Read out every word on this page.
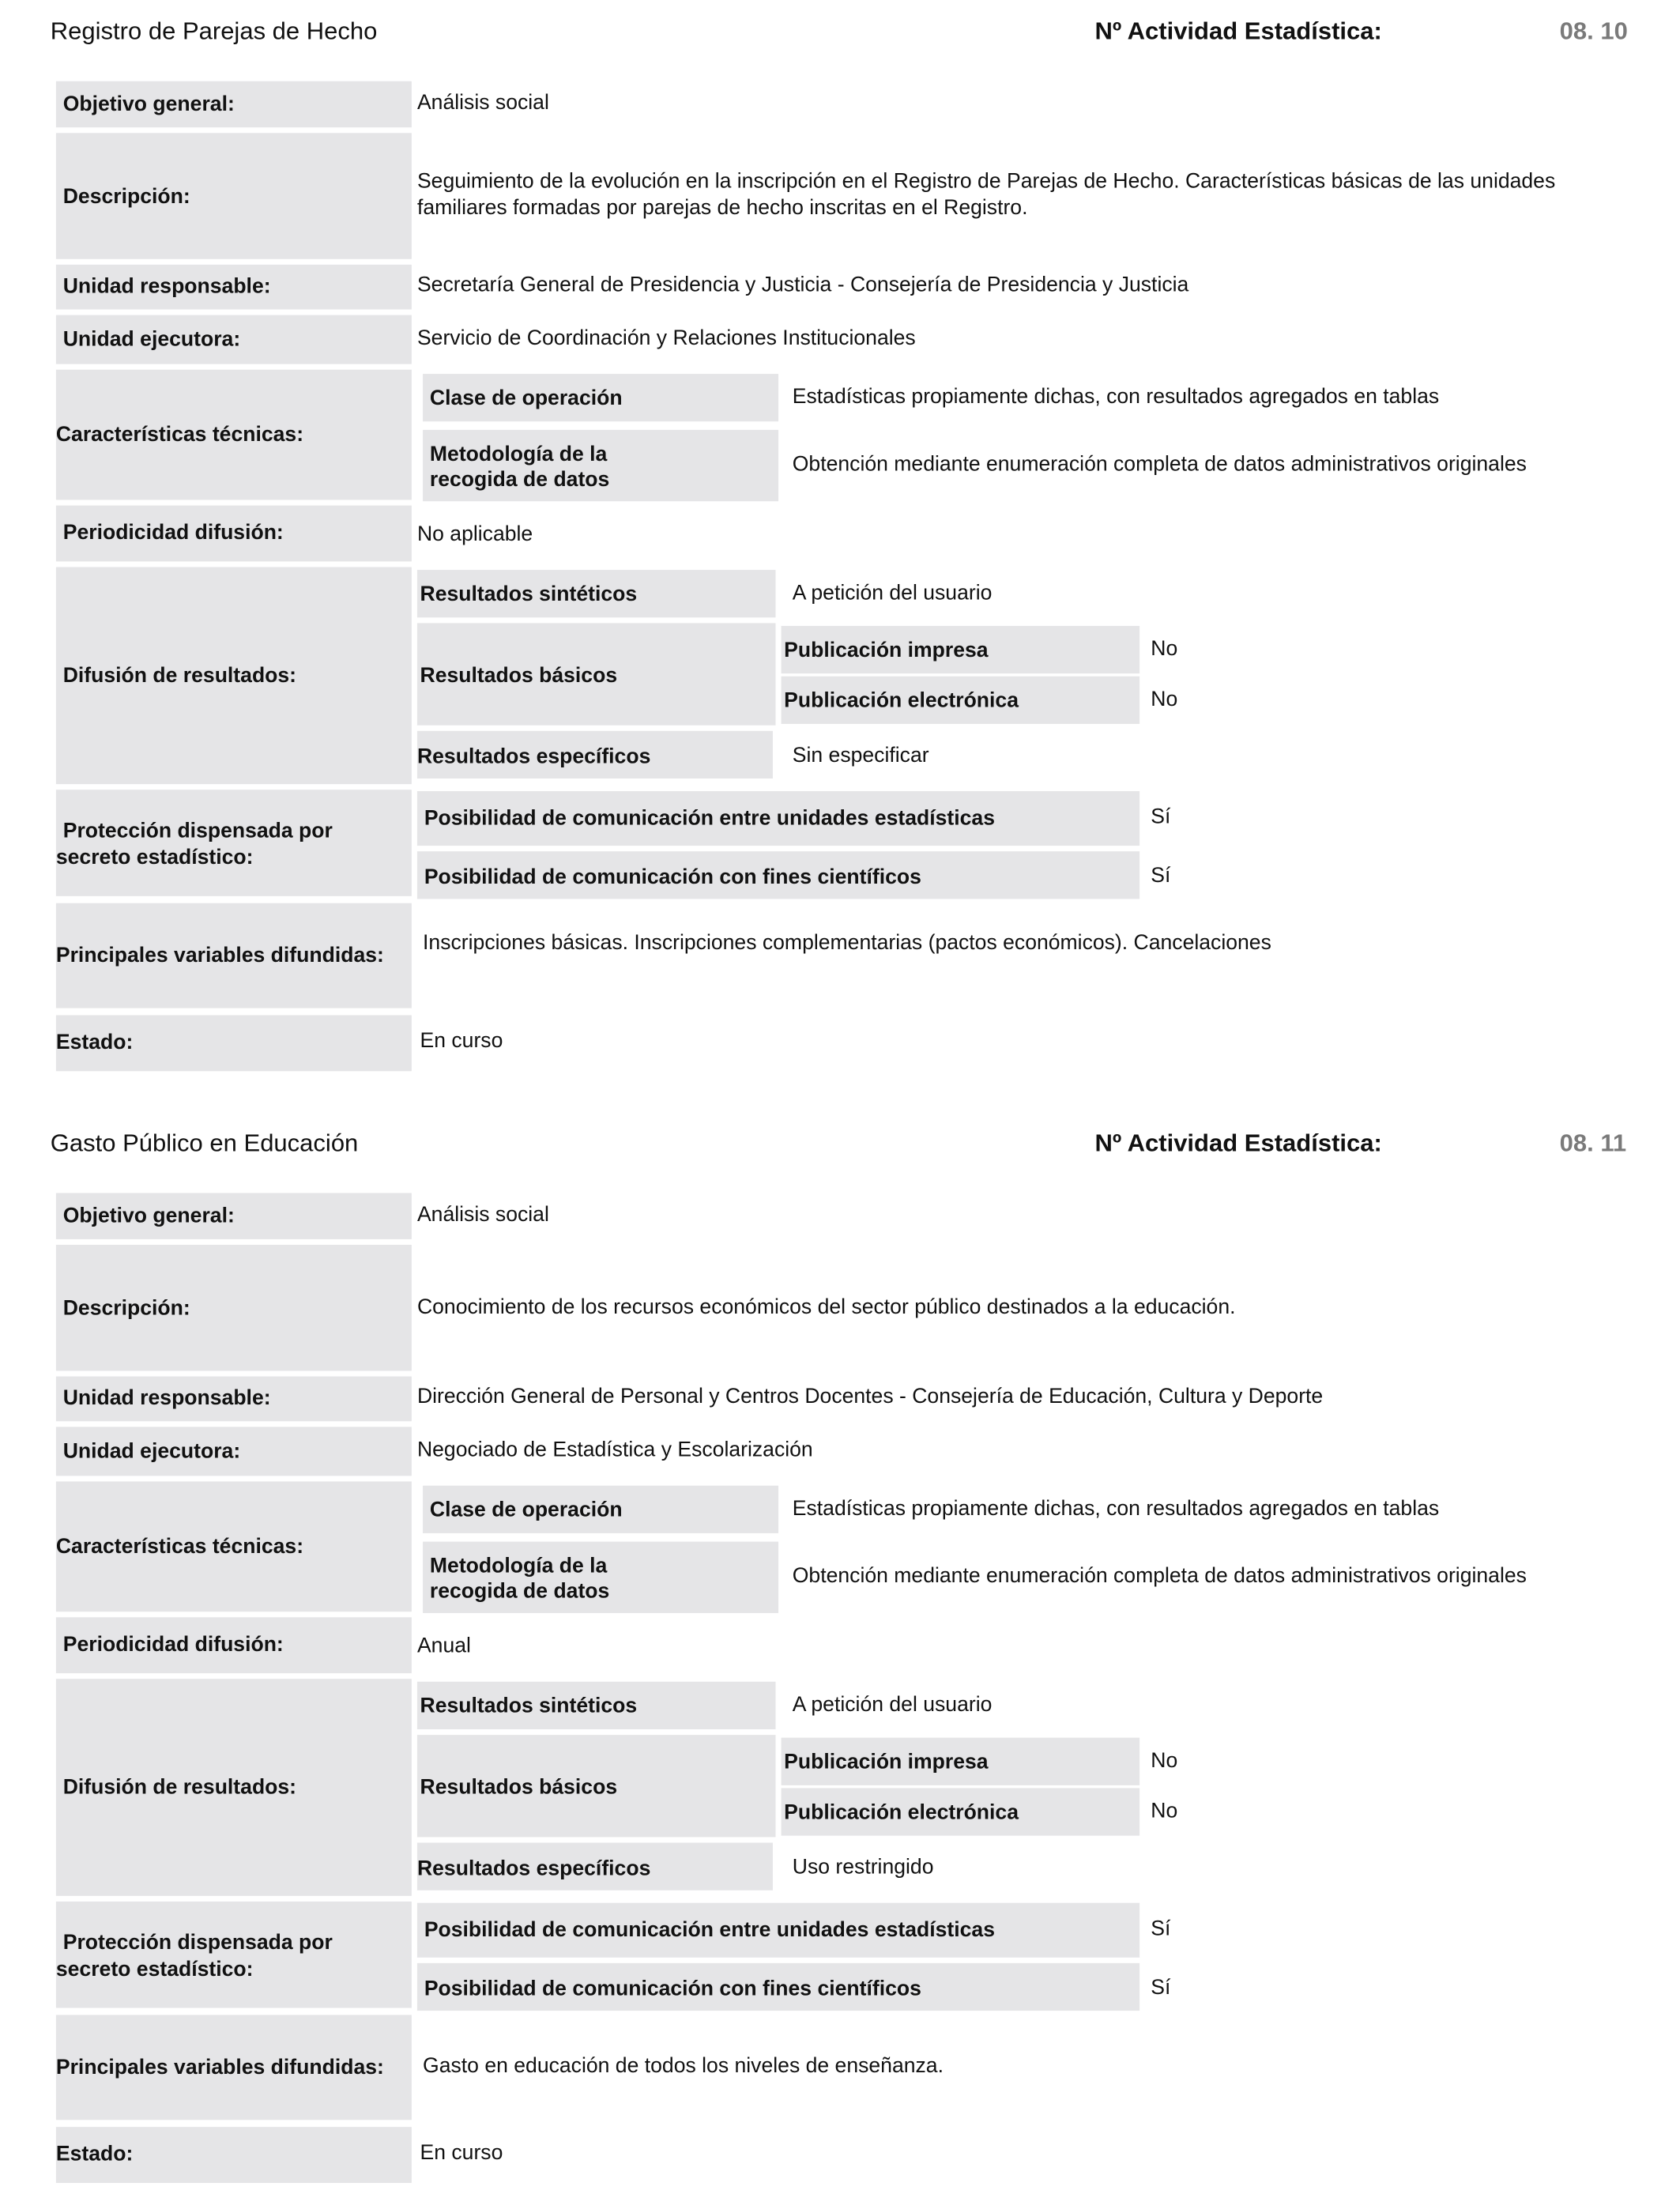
Registro de Parejas de Hecho	Nº Actividad Estadística:	08. 10
Objetivo general:	Análisis social
Descripción:
Seguimiento de la evolución en la inscripción en el Registro de Parejas de Hecho. Características básicas de las unidades familiares formadas por parejas de hecho inscritas en el Registro.
Unidad responsable:	Secretaría General de Presidencia y Justicia - Consejería de Presidencia y Justicia
Unidad ejecutora:	Servicio de Coordinación y Relaciones Institucionales
Características técnicas:
Clase de operación	Estadísticas propiamente dichas, con resultados agregados en tablas
Metodología de la
recogida de datos
Obtención mediante enumeración completa de datos administrativos originales
Periodicidad difusión:	No aplicable
Difusión de resultados:
Resultados sintéticos	A petición del usuario
Resultados básicos
Publicación impresa	No
Publicación electrónica	No
Resultados específicos	Sin especificar
Protección dispensada por
secreto estadístico:
Posibilidad de comunicación entre unidades estadísticas	Sí
Posibilidad de comunicación con fines científicos	Sí
Principales variables difundidas:
Inscripciones básicas. Inscripciones complementarias (pactos económicos). Cancelaciones
Estado:	En curso
Gasto Público en Educación	Nº Actividad Estadística:	08. 11
Objetivo general:	Análisis social
Descripción:	Conocimiento de los recursos económicos del sector público destinados a la educación.
Unidad responsable:	Dirección General de Personal y Centros Docentes - Consejería de Educación, Cultura y Deporte
Unidad ejecutora:	Negociado de Estadística y Escolarización
Características técnicas:
Clase de operación	Estadísticas propiamente dichas, con resultados agregados en tablas
Metodología de la
recogida de datos
Obtención mediante enumeración completa de datos administrativos originales
Periodicidad difusión:	Anual
Difusión de resultados:
Resultados sintéticos	A petición del usuario
Resultados básicos
Publicación impresa	No
Publicación electrónica	No
Resultados específicos	Uso restringido
Protección dispensada por
secreto estadístico:
Posibilidad de comunicación entre unidades estadísticas	Sí
Posibilidad de comunicación con fines científicos	Sí
Principales variables difundidas:	Gasto en educación de todos los niveles de enseñanza.
Estado:	En curso
